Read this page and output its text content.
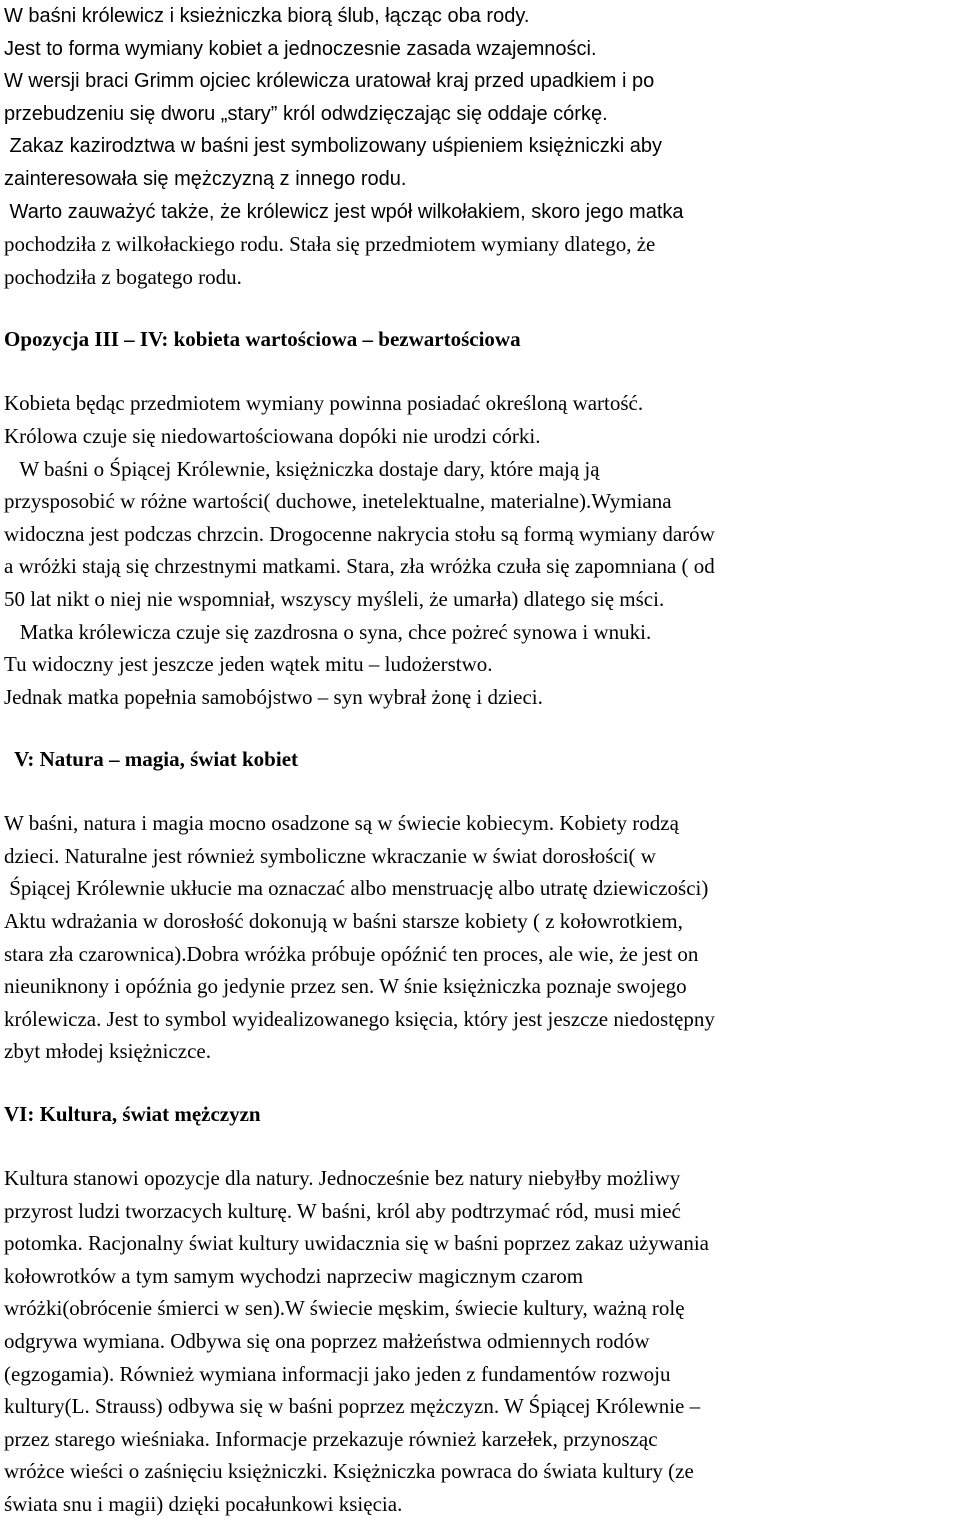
W baśni królewicz i ksieżniczka biorą ślub, łącząc oba rody.
Jest to forma wymiany kobiet a jednoczesnie zasada wzajemności.
W wersji braci Grimm ojciec królewicza uratował kraj przed upadkiem i po
przebudzeniu się dworu „stary” król odwdzięczając się oddaje córkę.
Zakaz kazirodztwa w baśni jest symbolizowany uśpieniem księżniczki aby
zainteresowała się mężczyzną z innego rodu.
Warto zauważyć także, że królewicz jest wpół wilkołakiem, skoro jego matka
pochodziła z wilkołackiego rodu. Stała się przedmiotem wymiany dlatego, że
pochodziła z bogatego rodu.
Opozycja III – IV: kobieta wartościowa – bezwartościowa
Kobieta będąc przedmiotem wymiany powinna posiadać określoną wartość.
Królowa czuje się niedowartościowana dopóki nie urodzi córki.
W baśni o Śpiącej Królewnie, księżniczka dostaje dary, które mają ją
przysposobić w różne wartości( duchowe, inetelektualne, materialne).Wymiana
widoczna jest podczas chrzcin. Drogocenne nakrycia stołu są formą wymiany darów
a wróżki stają się chrzestnymi matkami. Stara, zła wróżka czuła się zapomniana ( od
50 lat nikt o niej nie wspomniał, wszyscy myśleli, że umarła) dlatego się mści.
Matka królewicza czuje się zazdrosna o syna, chce pożreć synowa i wnuki.
Tu widoczny jest jeszcze jeden wątek mitu – ludożerstwo.
Jednak matka popełnia samobójstwo – syn wybrał żonę i dzieci.
V: Natura – magia, świat kobiet
W baśni, natura i magia mocno osadzone są w świecie kobiecym. Kobiety rodzą
dzieci. Naturalne jest również symboliczne wkraczanie w świat dorosłości( w
Śpiącej Królewnie ukłucie ma oznaczać albo menstruację albo utratę dziewiczości)
Aktu wdrażania w dorosłość dokonują w baśni starsze kobiety ( z kołowrotkiem,
stara zła czarownica).Dobra wróżka próbuje opóźnić ten proces, ale wie, że jest on
nieuniknony i opóźnia go jedynie przez sen. W śnie księżniczka poznaje swojego
królewicza. Jest to symbol wyidealizowanego księcia, który jest jeszcze niedostępny
zbyt młodej księżniczce.
VI: Kultura, świat mężczyzn
Kultura stanowi opozycje dla natury. Jednocześnie bez natury niebyłby możliwy
przyrost ludzi tworzacych kulturę. W baśni, król aby podtrzymać ród, musi mieć
potomka. Racjonalny świat kultury uwidacznia się w baśni poprzez zakaz używania
kołowrotków a tym samym wychodzi naprzeciw magicznym czarom
wróżki(obrócenie śmierci w sen).W świecie męskim, świecie kultury, ważną rolę
odgrywa wymiana. Odbywa się ona poprzez małżeństwa odmiennych rodów
(egzogamia). Również wymiana informacji jako jeden z fundamentów rozwoju
kultury(L. Strauss) odbywa się w baśni poprzez mężczyzn. W Śpiącej Królewnie –
przez starego wieśniaka. Informacje przekazuje również karzełek, przynosząc
wróżce wieści o zaśnięciu księżniczki. Księżniczka powraca do świata kultury (ze
świata snu i magii) dzięki pocałunkowi księcia.
